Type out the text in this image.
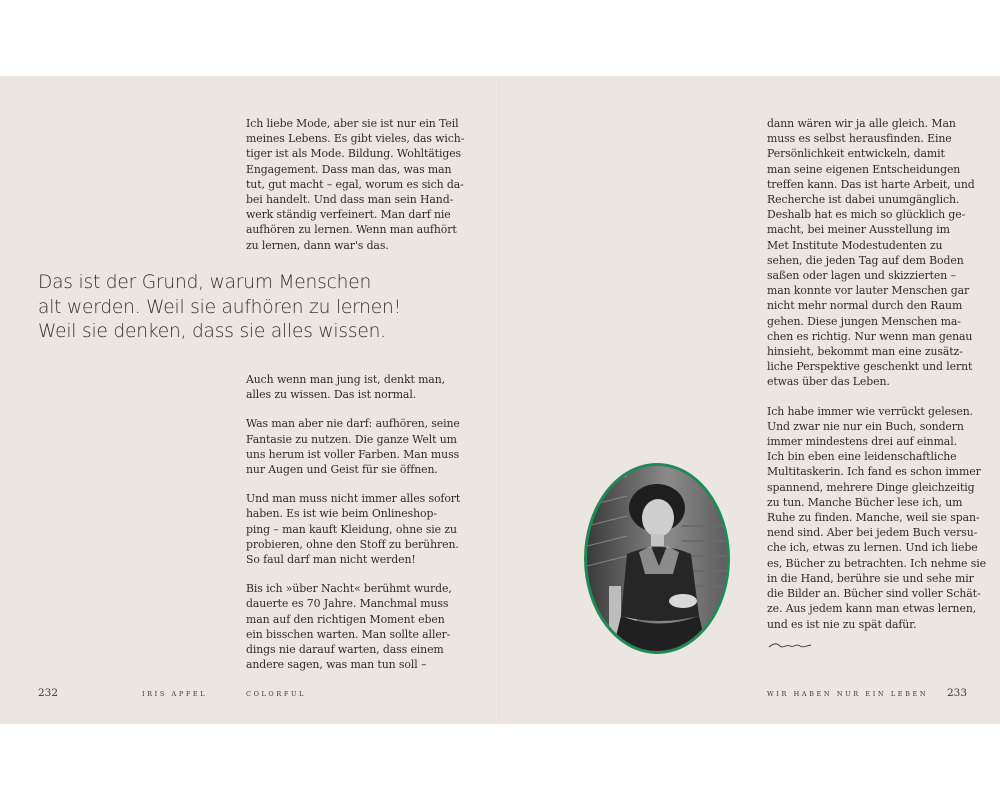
Ich liebe Mode, aber sie ist nur ein Teil
meines Lebens. Es gibt vieles, das wich-
tiger ist als Mode. Bildung. Wohltätiges
Engagement. Dass man das, was man
tut, gut macht – egal, worum es sich da-
bei handelt. Und dass man sein Hand-
werk ständig verfeinert. Man darf nie
aufhören zu lernen. Wenn man aufhört
zu lernen, dann war's das.

Das ist der Grund, warum Menschen
alt werden. Weil sie aufhören zu lernen!
Weil sie denken, dass sie alles wissen.

Auch wenn man jung ist, denkt man,
alles zu wissen. Das ist normal.

Was man aber nie darf: aufhören, seine
Fantasie zu nutzen. Die ganze Welt um
uns herum ist voller Farben. Man muss
nur Augen und Geist für sie öffnen.

Und man muss nicht immer alles sofort
haben. Es ist wie beim Onlineshop-
ping – man kauft Kleidung, ohne sie zu
probieren, ohne den Stoff zu berühren.
So faul darf man nicht werden!

Bis ich »über Nacht« berühmt wurde,
dauerte es 70 Jahre. Manchmal muss
man auf den richtigen Moment eben
ein bisschen warten. Man sollte aller-
dings nie darauf warten, dass einem
andere sagen, was man tun soll –

dann wären wir ja alle gleich. Man
muss es selbst herausfinden. Eine
Persönlichkeit entwickeln, damit
man seine eigenen Entscheidungen
treffen kann. Das ist harte Arbeit, und
Recherche ist dabei unumgänglich.
Deshalb hat es mich so glücklich ge-
macht, bei meiner Ausstellung im
Met Institute Modestudenten zu
sehen, die jeden Tag auf dem Boden
saßen oder lagen und skizzierten –
man konnte vor lauter Menschen gar
nicht mehr normal durch den Raum
gehen. Diese jungen Menschen ma-
chen es richtig. Nur wenn man genau
hinsieht, bekommt man eine zusätz-
liche Perspektive geschenkt und lernt
etwas über das Leben.

Ich habe immer wie verrückt gelesen.
Und zwar nie nur ein Buch, sondern
immer mindestens drei auf einmal.
Ich bin eben eine leidenschaftliche
Multitaskerin. Ich fand es schon immer
spannend, mehrere Dinge gleichzeitig
zu tun. Manche Bücher lese ich, um
Ruhe zu finden. Manche, weil sie span-
nend sind. Aber bei jedem Buch versu-
che ich, etwas zu lernen. Und ich liebe
es, Bücher zu betrachten. Ich nehme sie
in die Hand, berühre sie und sehe mir
die Bilder an. Bücher sind voller Schät-
ze. Aus jedem kann man etwas lernen,
und es ist nie zu spät dafür.

232	IRIS APFEL	COLORFUL	WIR HABEN NUR EIN LEBEN 233
